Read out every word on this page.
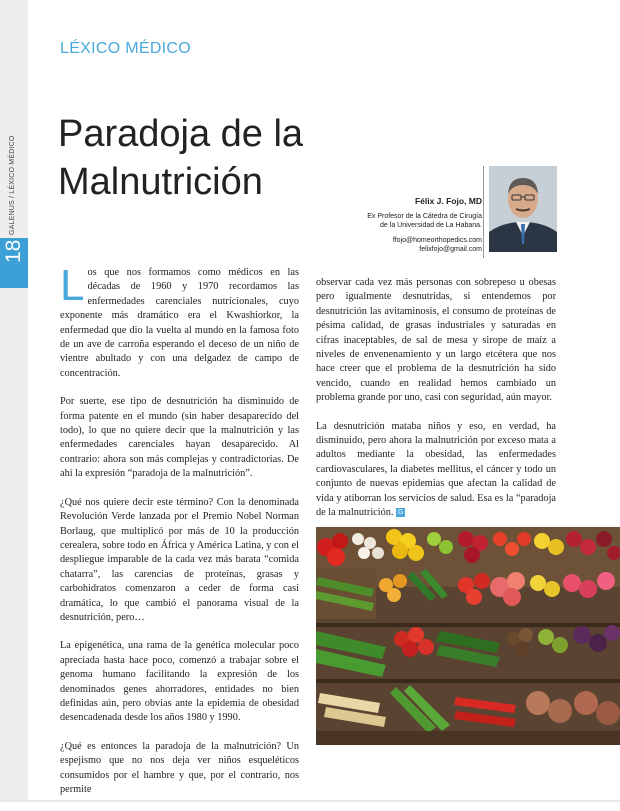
18
GALENUS / LÉXICO MÉDICO
LÉXICO MÉDICO
Paradoja de la Malnutrición	Félix J. Fojo, MD
Ex Profesor de la Cátedra de Cirugía
de la Universidad de La Habana.
ffojo@homeorthopedics.com
felixfojo@gmail.com

Los que nos formamos como médicos en las décadas de 1960 y 1970 recordamos las enfermedades carenciales nutricionales, cuyo exponente más dramático era el Kwashiorkor, la enfermedad que dio la vuelta al mundo en la famosa foto de un ave de carroña esperando el deceso de un niño de vientre abultado y con una delgadez de campo de concentración.

Por suerte, ese tipo de desnutrición ha disminuido de forma patente en el mundo (sin haber desaparecido del todo), lo que no quiere decir que la malnutrición y las enfermedades carenciales hayan desaparecido. Al contrario: ahora son más complejas y contradictorias. De ahí la expresión “paradoja de la malnutrición”.

¿Qué nos quiere decir este término? Con la denominada Revolución Verde lanzada por el Premio Nobel Norman Borlaug, que multiplicó por más de 10 la producción cerealera, sobre todo en África y América Latina, y con el despliegue imparable de la cada vez más barata “comida chatarra”, las carencias de proteínas, grasas y carbohidratos comenzaron a ceder de forma casi dramática, lo que cambió el panorama visual de la desnutrición, pero…

La epigenética, una rama de la genética molecular poco apreciada hasta hace poco, comenzó a trabajar sobre el genoma humano facilitando la expresión de los denominados genes ahorradores, entidades no bien definidas aún, pero obvias ante la epidemia de obesidad desencadenada desde los años 1980 y 1990.

¿Qué es entonces la paradoja de la malnutrición? Un espejismo que no nos deja ver niños esqueléticos consumidos por el hambre y que, por el contrario, nos permite

observar cada vez más personas con sobrepeso u obesas pero igualmente desnutridas, si entendemos por desnutrición las avitaminosis, el consumo de proteínas de pésima calidad, de grasas industriales y saturadas en cifras inaceptables, de sal de mesa y sirope de maíz a niveles de envenenamiento y un largo etcétera que nos hace creer que el problema de la desnutrición ha sido vencido, cuando en realidad hemos cambiado un problema grande por uno, casi con seguridad, aún mayor.

La desnutrición mataba niños y eso, en verdad, ha disminuido, pero ahora la malnutrición por exceso mata a adultos mediante la obesidad, las enfermedades cardiovasculares, la diabetes mellitus, el cáncer y todo un conjunto de nuevas epidemias que afectan la calidad de vida y atiborran los servicios de salud. Esa es la “paradoja de la malnutrición. G
